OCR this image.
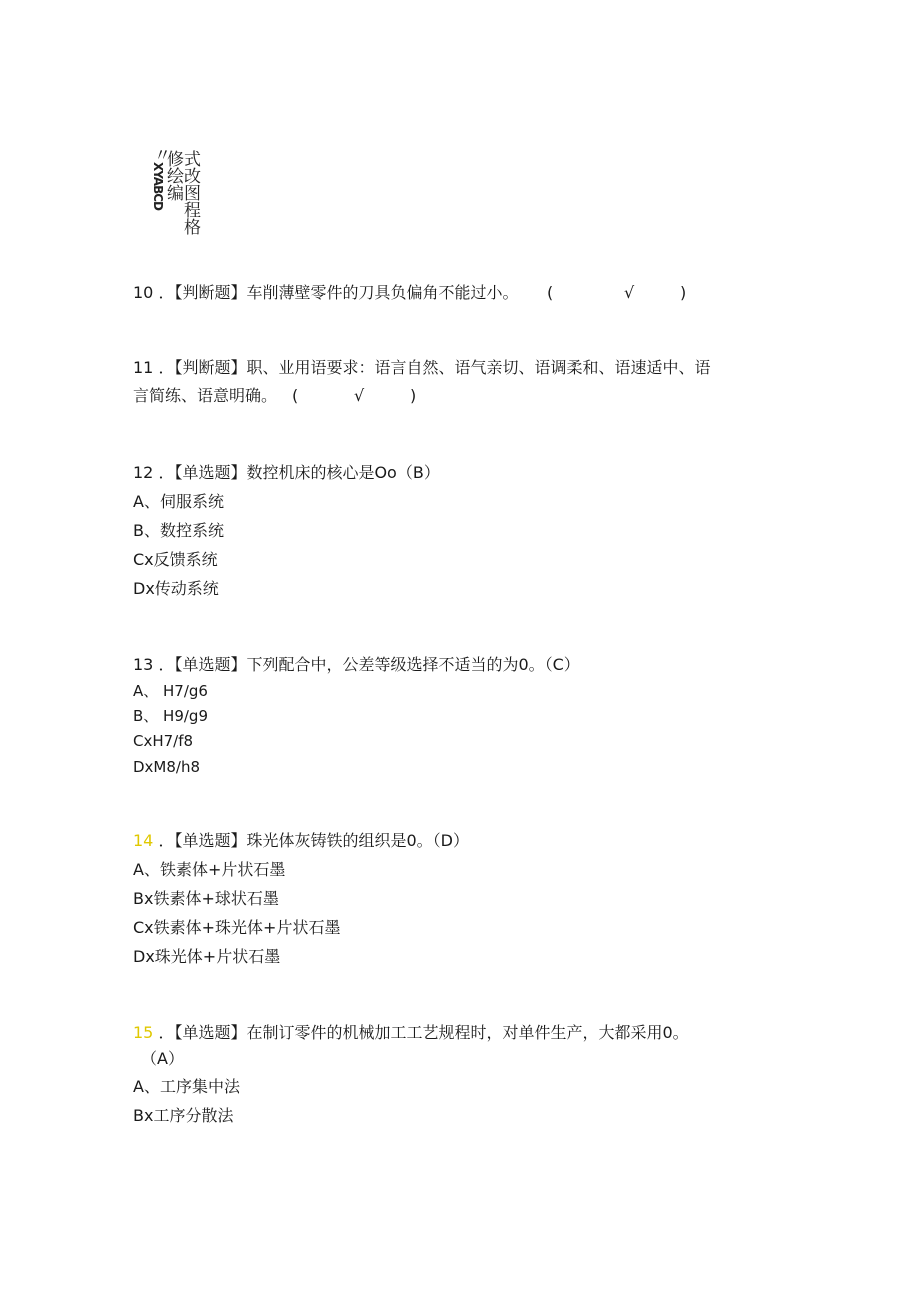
〃
XYABCD
修 式
绘 改
编 图
程
格
10 ．【判断题】车削薄壁零件的刀具负偏角不能过小。 (	√	)
11 ．【判断题】职、业用语要求：语言自然、语气亲切、语调柔和、语速适中、语
言简练、语意明确。 (	√	)
12 ．【单选题】数控机床的核心是Oo（B）
A、伺服系统
B、数控系统
Cx反馈系统
Dx传动系统
13 ．【单选题】下列配合中，公差等级选择不适当的为0。（C）
A、 H7∕g6
B、 H9∕g9
CxH7∕f8
DxM8∕h8
14 ．【单选题】珠光体灰铸铁的组织是0。（D）
A、铁素体+片状石墨
Bx铁素体+球状石墨
Cx铁素体+珠光体+片状石墨
Dx珠光体+片状石墨
15 ．【单选题】在制订零件的机械加工工艺规程时，对单件生产，大都采用0。
（A）
A、工序集中法
Bx工序分散法
